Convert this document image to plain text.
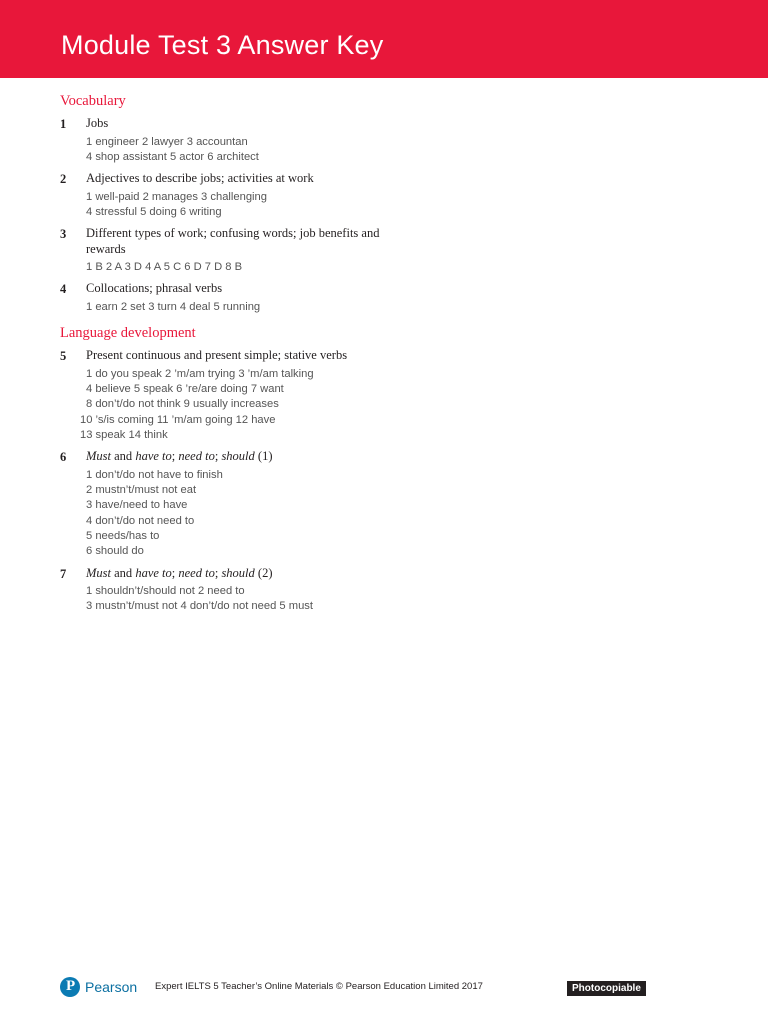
Module Test 3 Answer Key
Vocabulary
1	Jobs
1 engineer 2 lawyer 3 accountan
4 shop assistant 5 actor 6 architect
2	Adjectives to describe jobs; activities at work
1 well-paid 2 manages 3 challenging
4 stressful 5 doing 6 writing
3	Different types of work; confusing words; job benefits and rewards
1 B 2 A 3 D 4 A 5 C 6 D 7 D 8 B
4	Collocations; phrasal verbs
1 earn 2 set 3 turn 4 deal 5 running
Language development
5	Present continuous and present simple; stative verbs
1 do you speak 2 ’m/am trying 3 ’m/am talking
4 believe 5 speak 6 ’re/are doing 7 want
8 don’t/do not think 9 usually increases
10 ’s/is coming 11 ’m/am going 12 have
13 speak 14 think
6	Must and have to; need to; should (1)
1 don’t/do not have to finish
2 mustn’t/must not eat
3 have/need to have
4 don’t/do not need to
5 needs/has to
6 should do
7	Must and have to; need to; should (2)
1 shouldn’t/should not 2 need to
3 mustn’t/must not 4 don’t/do not need 5 must
P Pearson Expert IELTS 5 Teacher’s Online Materials © Pearson Education Limited 2017	Photocopiable
